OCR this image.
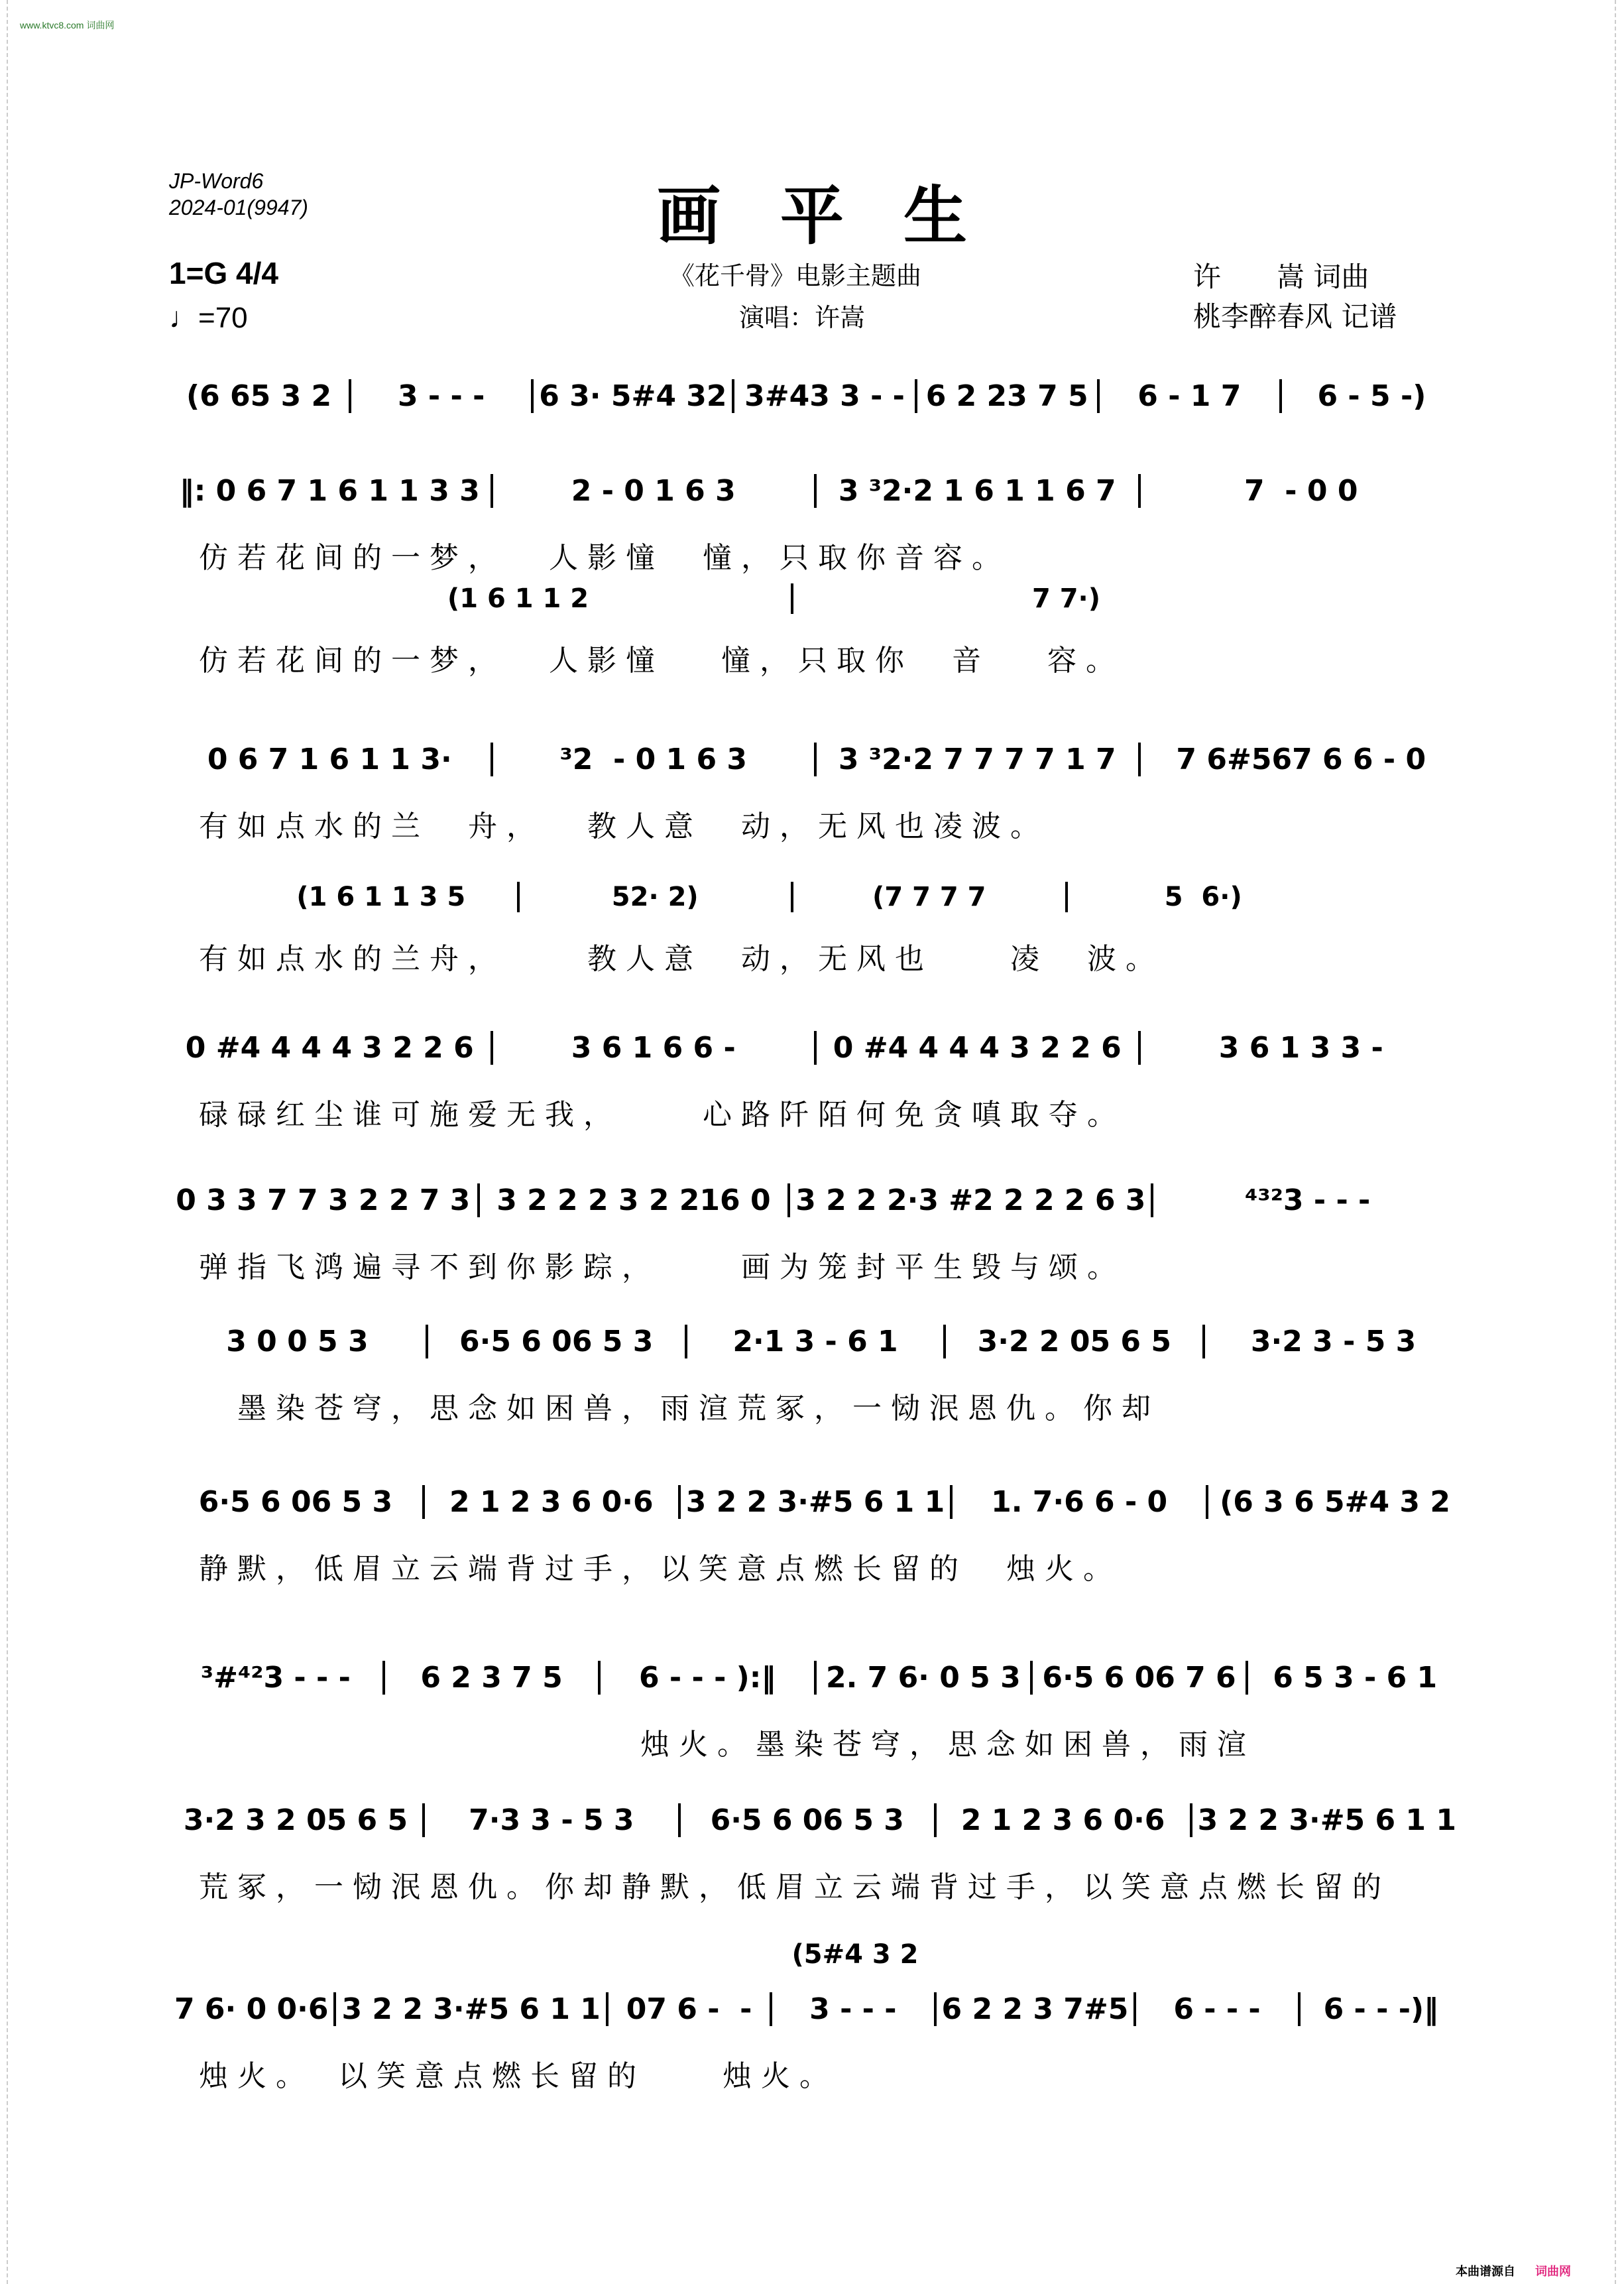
www.ktvc8.com 词曲网
JP-Word6
2024-01(9947)	画平生
1=G 4/4
♩=70
《花千骨》电影主题曲
演唱：许嵩
许　　嵩 词曲
桃李醉春风 记谱
(6 65 3 2	3 - - -	6 3· 5#4 32 3#43 3 - - 6 2 23 7 5	6 - 1 7	6 - 5 -)
‖: 0 6 7 1 6 1 1 3 3	2 - 0 1 6 3	3 ³2·2 1 6 1 1 6 7	7  - 0 0
仿若花间的一梦，　 人影憧　憧，只取你音容。
(1 6 1 1 2	7 7·)
仿若花间的一梦，　 人影憧　 憧，只取你　音　 容。
0 6 7 1 6 1 1 3·	³2  - 0 1 6 3	3 ³2·2 7 7 7 7 1 7	7 6#567 6 6 - 0
有如点水的兰　舟，　 教人意　动，无风也凌波。
(1 6 1 1 3 5	52· 2)	(7 7 7 7	5  6·)
有如点水的兰舟，　　 教人意　动，无风也　　凌　波。
0 #4 4 4 4 3 2 2 6	3 6 1 6 6 -	0 #4 4 4 4 3 2 2 6	3 6 1 3 3 -
碌碌红尘谁可施爱无我，　　 心路阡陌何免贪嗔取夺。
0 3 3 7 7 3 2 2 7 3 3 2 2 2 3 2 216 0 3 2 2 2·3 #2 2 2 2 6 3	⁴³²3 - - -
弹指飞鸿遍寻不到你影踪，　　 画为笼封平生毁与颂。
3 0 0 5 3	6·5 6 06 5 3	2·1 3 - 6 1	3·2 2 05 6 5	3·2 3 - 5 3
　墨染苍穹，思念如困兽，雨渲荒冢，一恸泯恩仇。你却
6·5 6 06 5 3	2 1 2 3 6 0·6	3 2 2 3·#5 6 1 1	1. 7·6 6 - 0	(6 3 6 5#4 3 2
静默，低眉立云端背过手，以笑意点燃长留的　烛火。
³#⁴²3 - - -	6 2 3 7 5	6 - - - ):‖	2. 7 6· 0 5 3 6·5 6 06 7 6	6 5 3 - 6 1
　　　　　　　　　　　 烛火。墨染苍穹，思念如困兽，雨渲
3·2 3 2 05 6 5	7·3 3 - 5 3	6·5 6 06 5 3	2 1 2 3 6 0·6	3 2 2 3·#5 6 1 1
荒冢，一恸泯恩仇。你却静默，低眉立云端背过手，以笑意点燃长留的
(5#4 3 2
7 6· 0 0·6 3 2 2 3·#5 6 1 1 07 6 -  -	3 - - -	6 2 2 3 7#5	6 - - -	6 - - -)‖
烛火。　以笑意点燃长留的　　烛火。
本曲谱源自 词曲网
